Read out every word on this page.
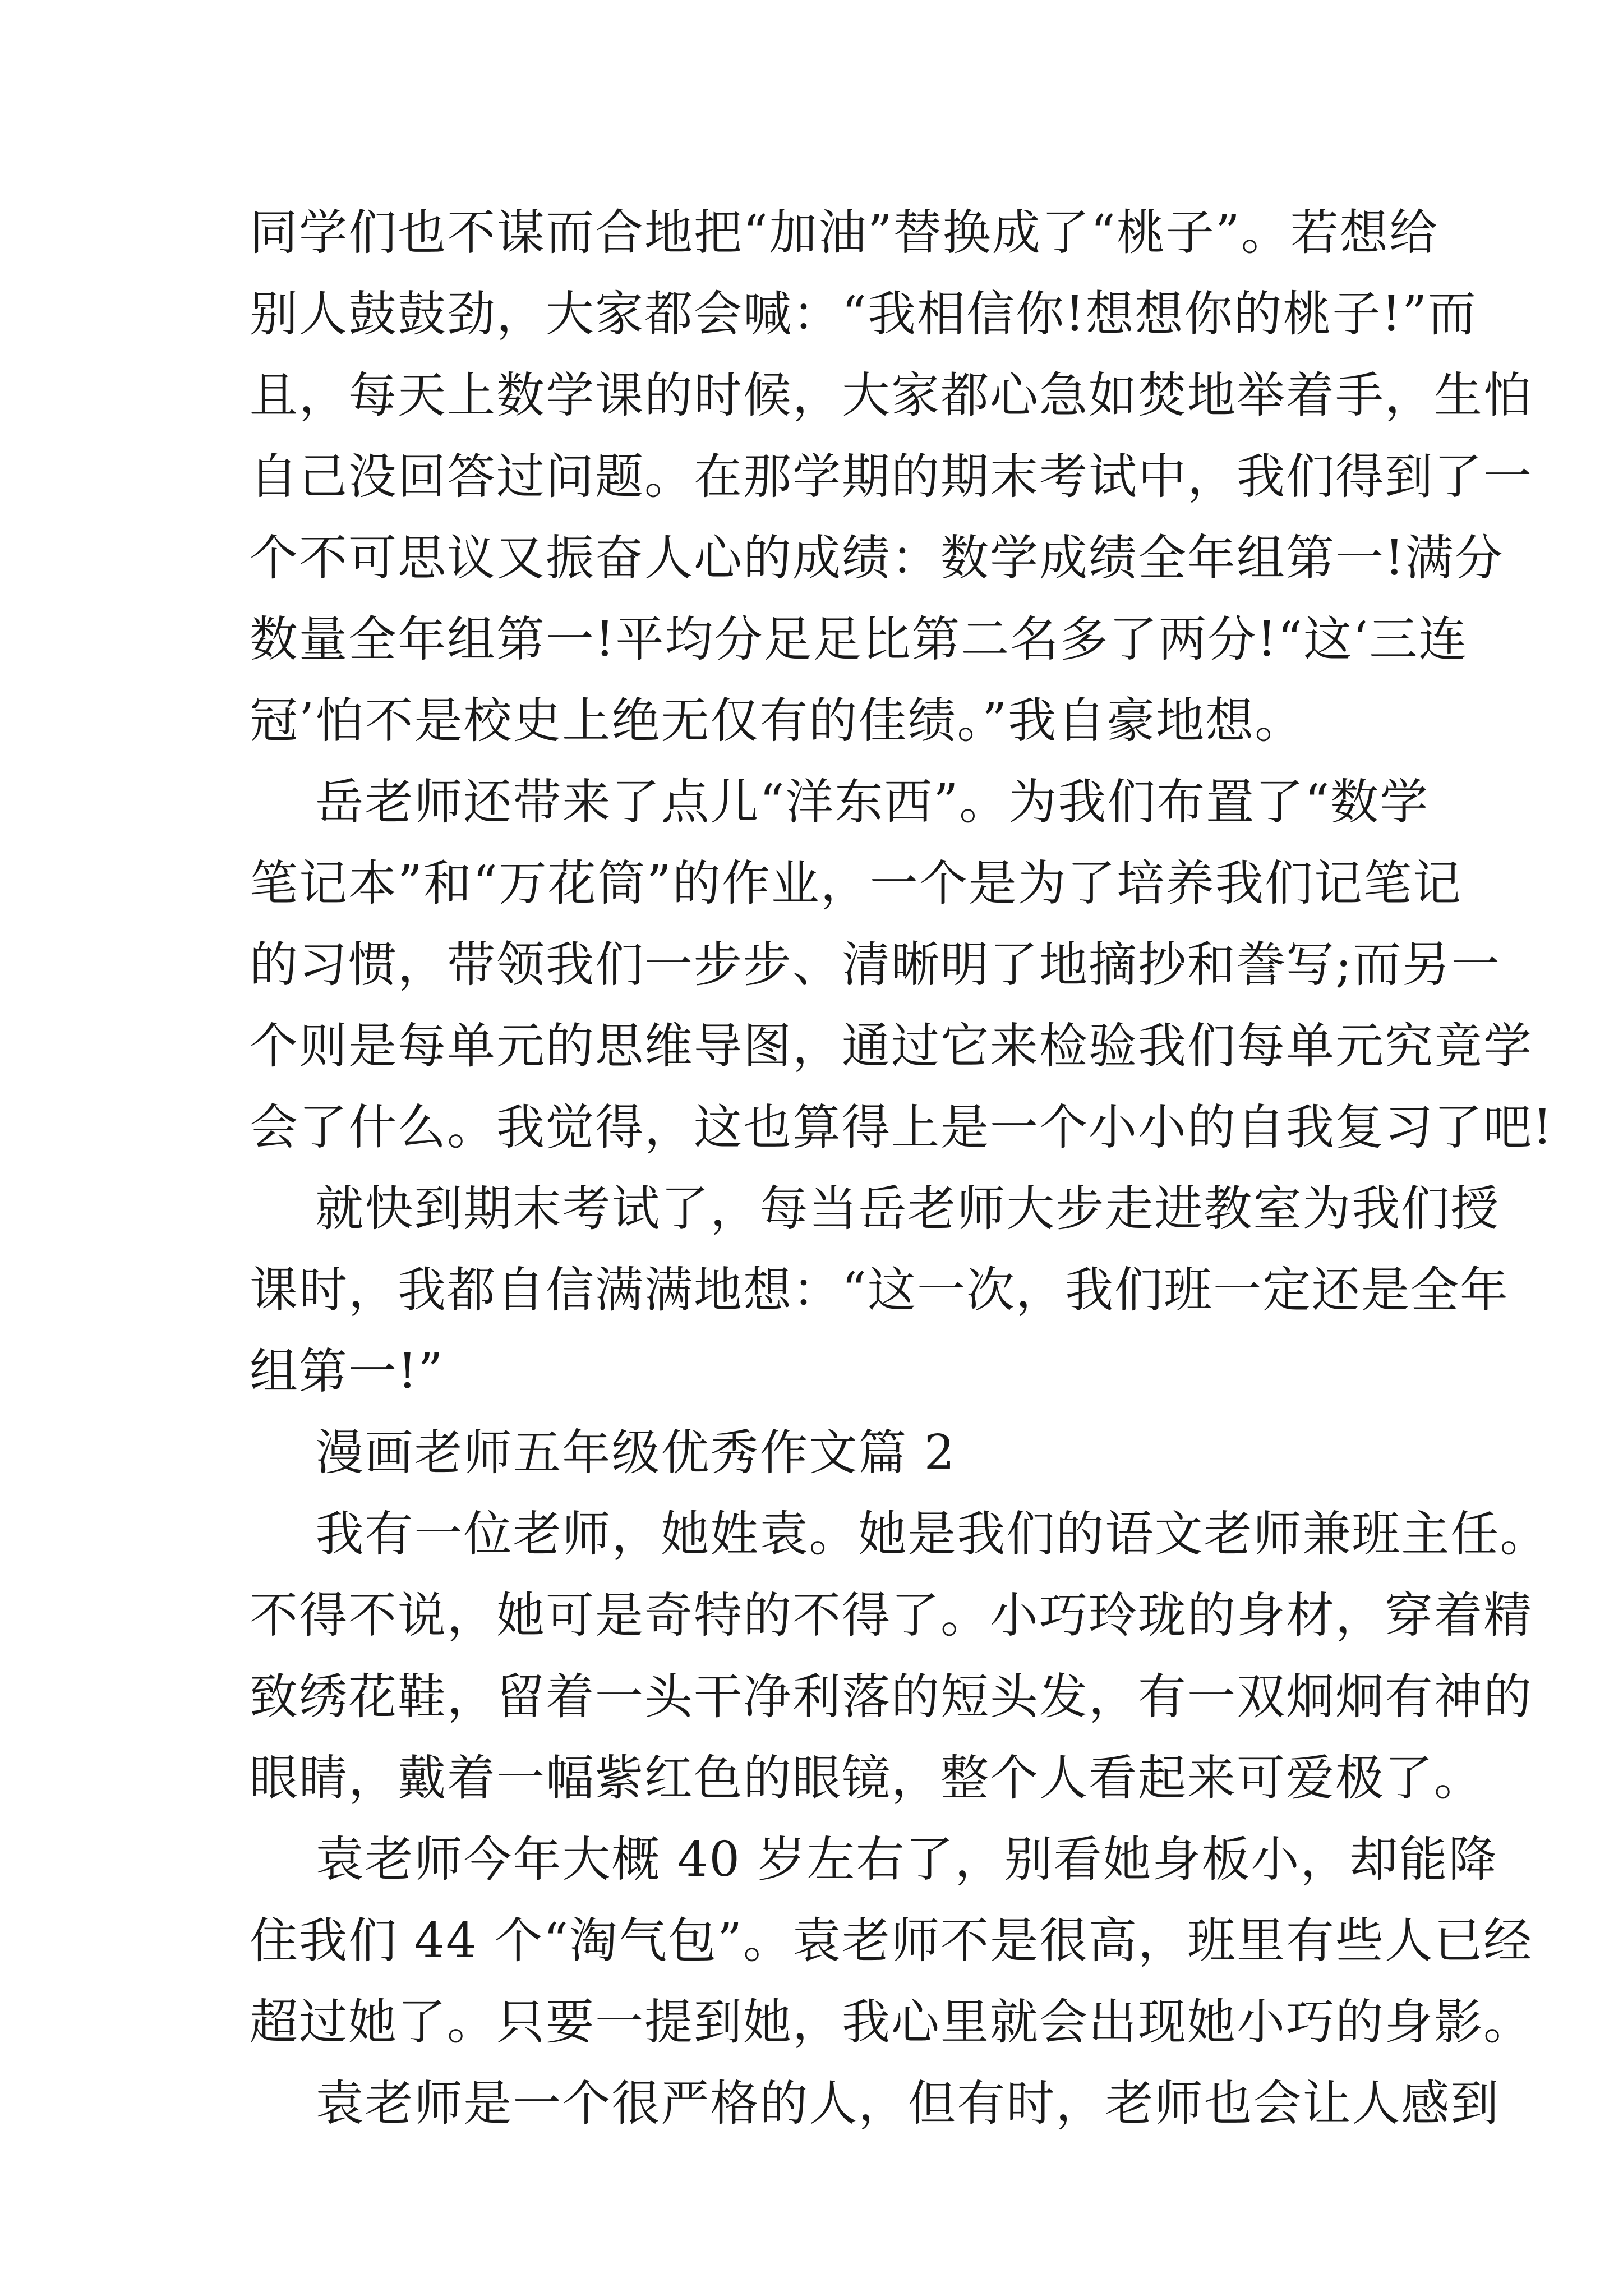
同学们也不谋而合地把“加油”替换成了“桃子”。若想给
别人鼓鼓劲，大家都会喊：“我相信你!想想你的桃子!”而
且，每天上数学课的时候，大家都心急如焚地举着手，生怕
自己没回答过问题。在那学期的期末考试中，我们得到了一
个不可思议又振奋人心的成绩：数学成绩全年组第一!满分
数量全年组第一!平均分足足比第二名多了两分!“这‘三连
冠’怕不是校史上绝无仅有的佳绩。”我自豪地想。
岳老师还带来了点儿“洋东西”。为我们布置了“数学
笔记本”和“万花筒”的作业，一个是为了培养我们记笔记
的习惯，带领我们一步步、清晰明了地摘抄和誊写;而另一
个则是每单元的思维导图，通过它来检验我们每单元究竟学
会了什么。我觉得，这也算得上是一个小小的自我复习了吧!
就快到期末考试了，每当岳老师大步走进教室为我们授
课时，我都自信满满地想：“这一次，我们班一定还是全年
组第一!”
漫画老师五年级优秀作文篇 2
我有一位老师，她姓袁。她是我们的语文老师兼班主任。
不得不说，她可是奇特的不得了。小巧玲珑的身材，穿着精
致绣花鞋，留着一头干净利落的短头发，有一双炯炯有神的
眼睛，戴着一幅紫红色的眼镜，整个人看起来可爱极了。
袁老师今年大概 40 岁左右了，别看她身板小，却能降
住我们 44 个“淘气包”。袁老师不是很高，班里有些人已经
超过她了。只要一提到她，我心里就会出现她小巧的身影。
袁老师是一个很严格的人，但有时，老师也会让人感到
